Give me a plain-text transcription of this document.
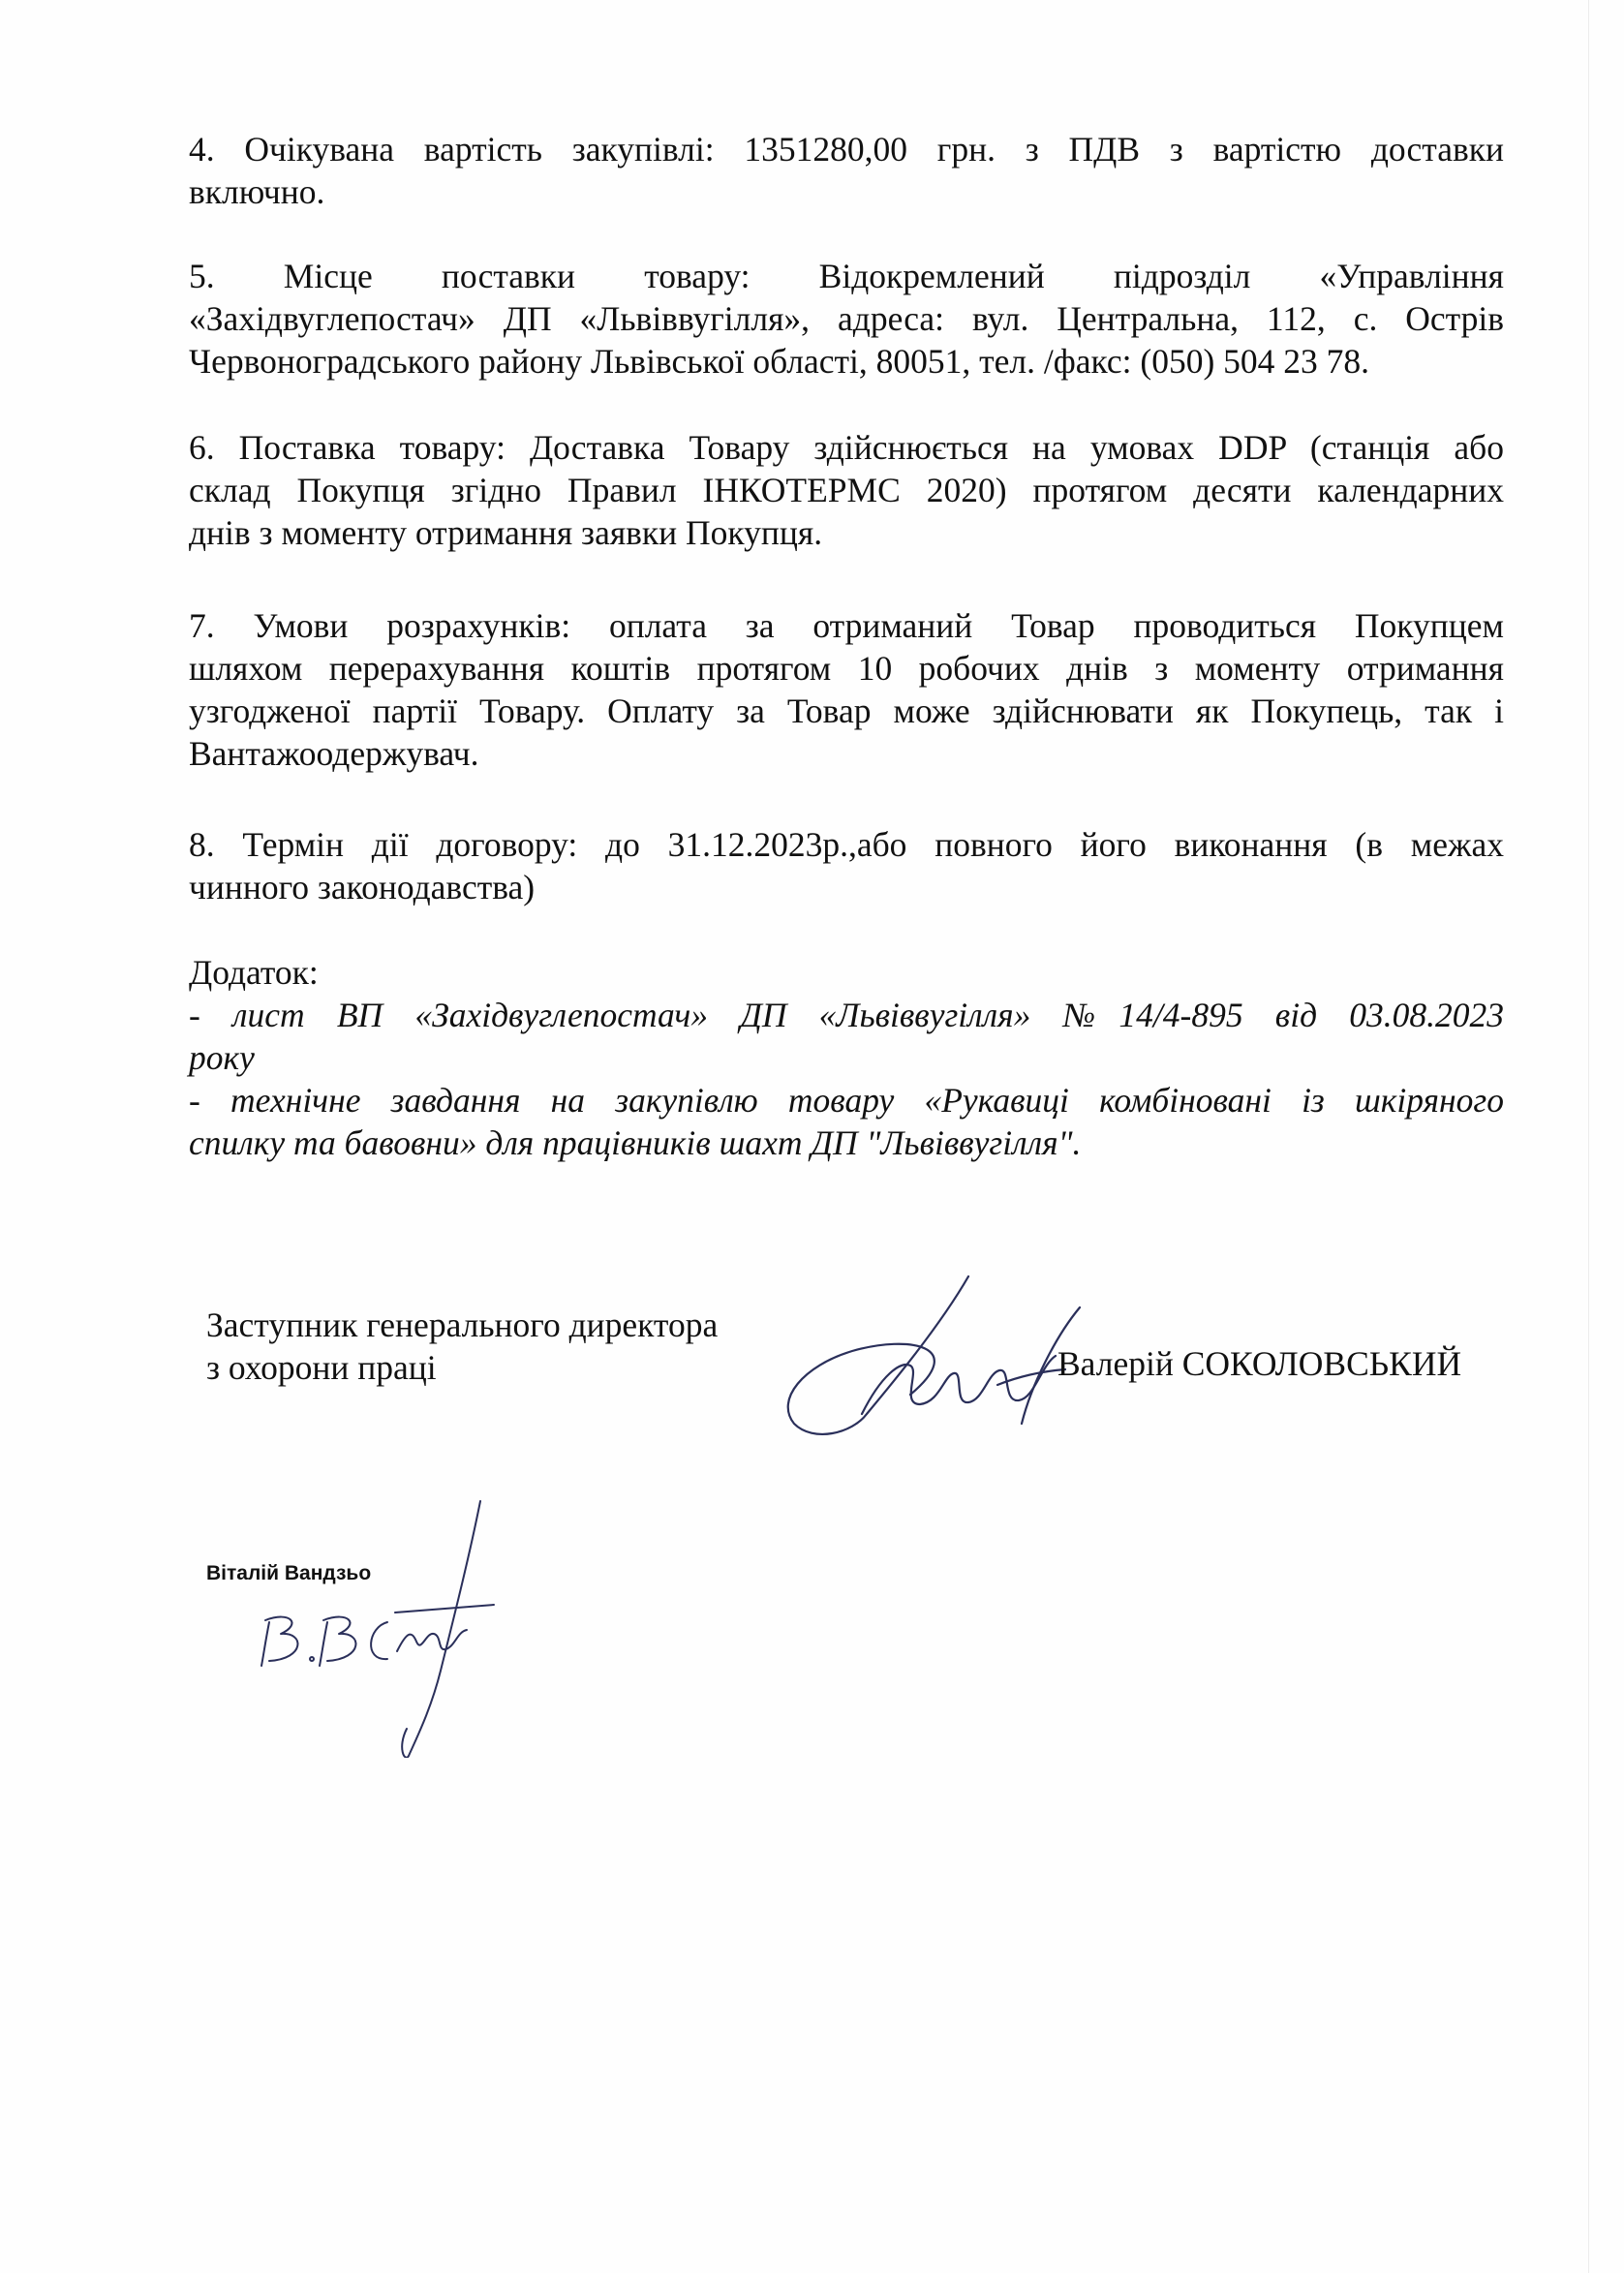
4. Очікувана вартість закупівлі: 1351280,00 грн. з ПДВ з вартістю доставки
включно.
5. Місце поставки товару: Відокремлений підрозділ «Управління
«Західвуглепостач» ДП «Львіввугілля», адреса: вул. Центральна, 112, с. Острів
Червоноградського району Львівської області, 80051, тел. /факс: (050) 504 23 78.
6. Поставка товару: Доставка Товару здійснюється на умовах DDP (станція або
склад Покупця згідно Правил ІНКОТЕРМС 2020) протягом десяти календарних
днів з моменту отримання заявки Покупця.
7. Умови розрахунків: оплата за отриманий Товар проводиться Покупцем
шляхом перерахування коштів протягом 10 робочих днів з моменту отримання
узгодженої партії Товару. Оплату за Товар може здійснювати як Покупець, так і
Вантажоодержувач.
8. Термін дії договору: до 31.12.2023р.,або повного його виконання (в межах
чинного законодавства)
Додаток:
- лист ВП «Західвуглепостач» ДП «Львіввугілля» №14/4-895 від 03.08.2023
року
- технічне завдання на закупівлю товару «Рукавиці комбіновані із шкіряного
спилку та бавовни» для працівників шахт ДП "Львіввугілля".
Заступник генерального директора
з охорони праці	Валерій СОКОЛОВСЬКИЙ
Віталій Вандзьо
